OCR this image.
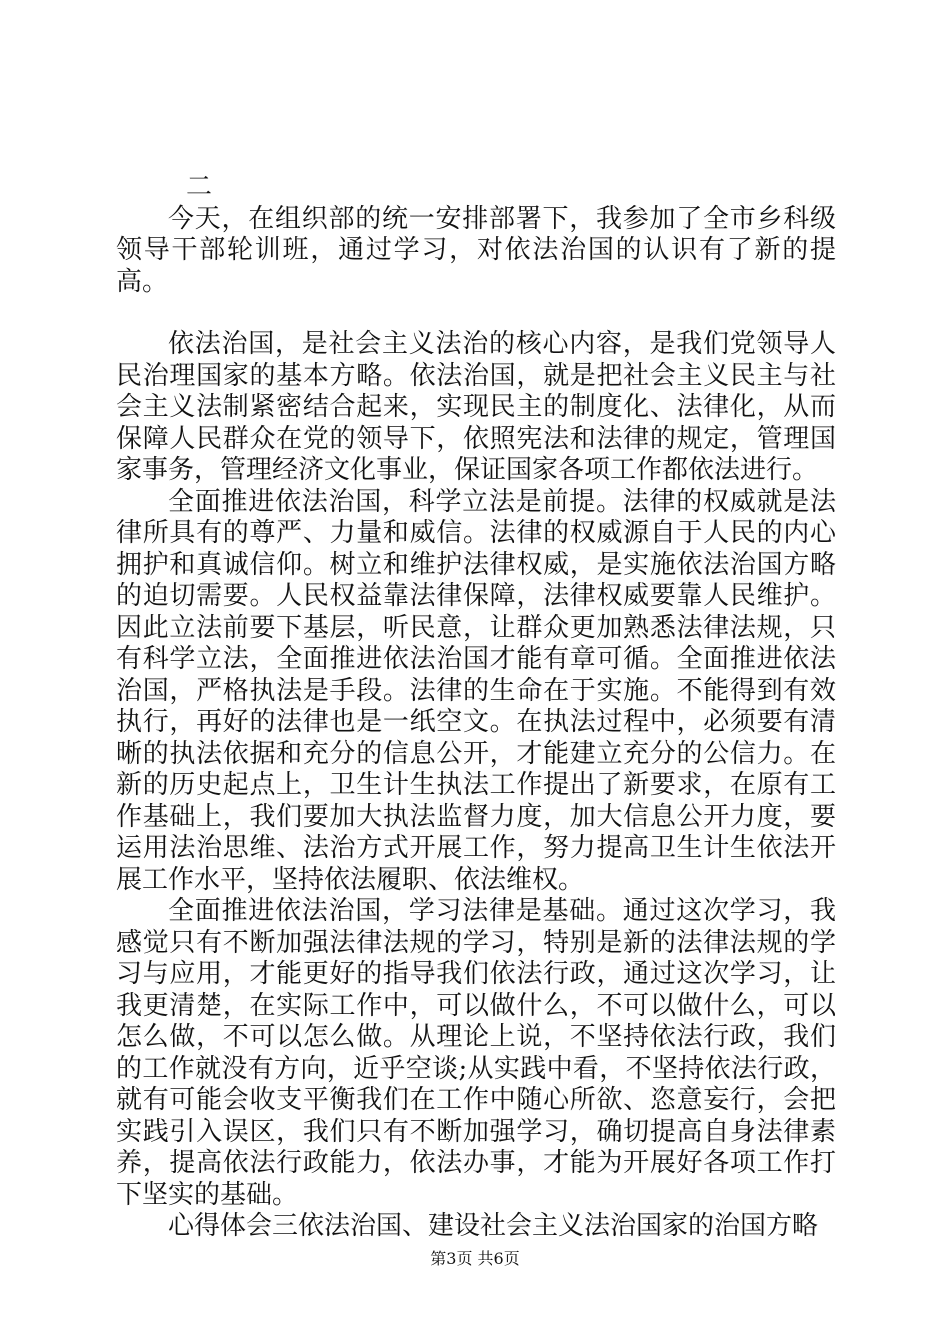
二

今天，在组织部的统一安排部署下，我参加了全市乡科级领导干部轮训班，通过学习，对依法治国的认识有了新的提高。

依法治国，是社会主义法治的核心内容，是我们党领导人民治理国家的基本方略。依法治国，就是把社会主义民主与社会主义法制紧密结合起来，实现民主的制度化、法律化，从而保障人民群众在党的领导下，依照宪法和法律的规定，管理国家事务，管理经济文化事业，保证国家各项工作都依法进行。

全面推进依法治国，科学立法是前提。法律的权威就是法律所具有的尊严、力量和威信。法律的权威源自于人民的内心拥护和真诚信仰。树立和维护法律权威，是实施依法治国方略的迫切需要。人民权益靠法律保障，法律权威要靠人民维护。因此立法前要下基层，听民意，让群众更加熟悉法律法规，只有科学立法，全面推进依法治国才能有章可循。全面推进依法治国，严格执法是手段。法律的生命在于实施。不能得到有效执行，再好的法律也是一纸空文。在执法过程中，必须要有清晰的执法依据和充分的信息公开，才能建立充分的公信力。在新的历史起点上，卫生计生执法工作提出了新要求，在原有工作基础上，我们要加大执法监督力度，加大信息公开力度，要运用法治思维、法治方式开展工作，努力提高卫生计生依法开展工作水平，坚持依法履职、依法维权。

全面推进依法治国，学习法律是基础。通过这次学习，我感觉只有不断加强法律法规的学习，特别是新的法律法规的学习与应用，才能更好的指导我们依法行政，通过这次学习，让我更清楚，在实际工作中，可以做什么，不可以做什么，可以怎么做，不可以怎么做。从理论上说，不坚持依法行政，我们的工作就没有方向，近乎空谈;从实践中看，不坚持依法行政，就有可能会收支平衡我们在工作中随心所欲、恣意妄行，会把实践引入误区，我们只有不断加强学习，确切提高自身法律素养，提高依法行政能力，依法办事，才能为开展好各项工作打下坚实的基础。

心得体会三依法治国、建设社会主义法治国家的治国方略

第3页 共6页
